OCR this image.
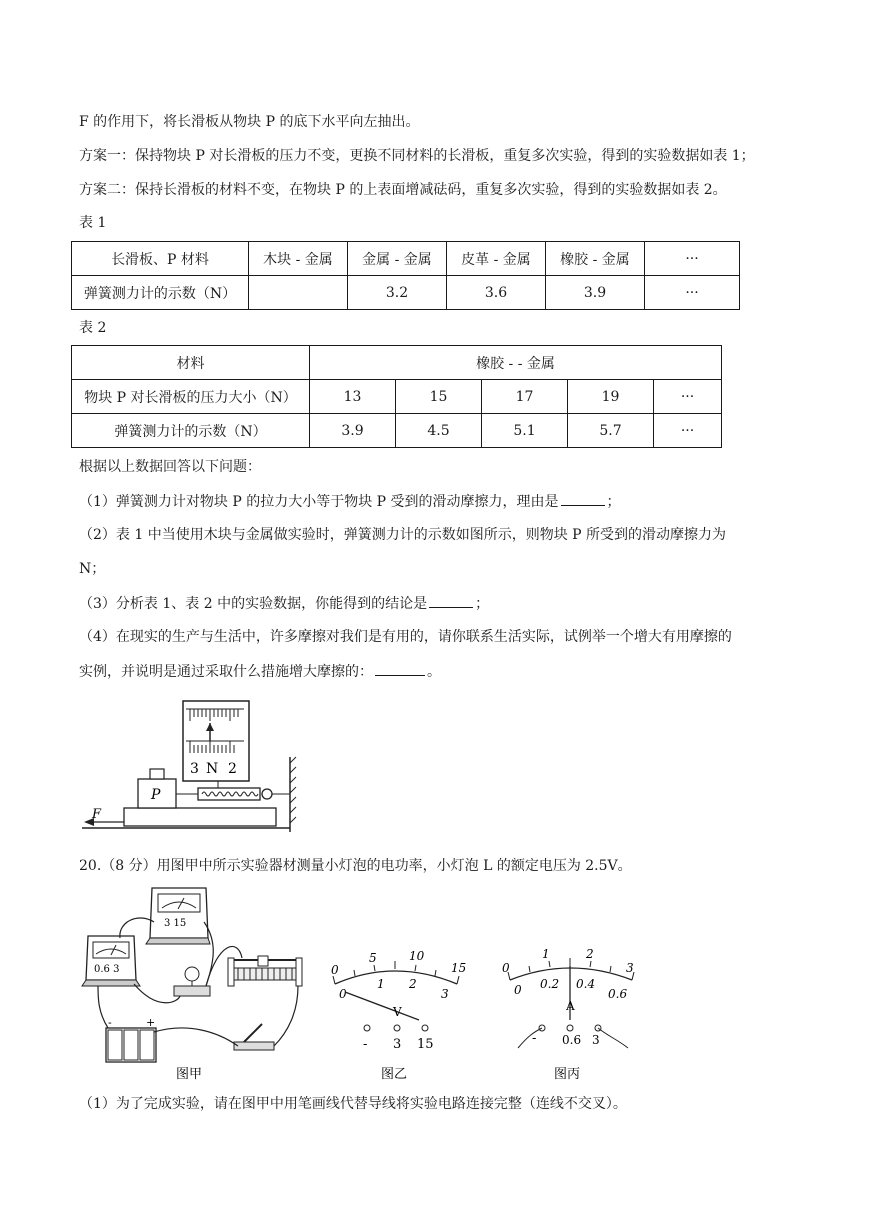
F 的作用下，将长滑板从物块 P 的底下水平向左抽出。
方案一：保持物块 P 对长滑板的压力不变，更换不同材料的长滑板，重复多次实验，得到的实验数据如表 1；
方案二：保持长滑板的材料不变，在物块 P 的上表面增减砝码，重复多次实验，得到的实验数据如表 2。
表 1
长滑板、P 材料	木块 - 金属	金属 - 金属	皮革 - 金属	橡胶 - 金属	···
弹簧测力计的示数（N）		3.2	3.6	3.9	···
表 2
材料	橡胶 - - 金属				
物块 P 对长滑板的压力大小（N）	13	15	17	19	···
弹簧测力计的示数（N）	3.9	4.5	5.1	5.7	···
根据以上数据回答以下问题：
（1）弹簧测力计对物块 P 的拉力大小等于物块 P 受到的滑动摩擦力，理由是	；
（2）表 1 中当使用木块与金属做实验时，弹簧测力计的示数如图所示，则物块 P 所受到的滑动摩擦力为
N；
（3）分析表 1、表 2 中的实验数据，你能得到的结论是	；
（4）在现实的生产与生活中，许多摩擦对我们是有用的，请你联系生活实际，试例举一个增大有用摩擦的
实例，并说明是通过采取什么措施增大摩擦的：	。
3 N 2
P
F
20.（8 分）用图甲中所示实验器材测量小灯泡的电功率，小灯泡 L 的额定电压为 2.5V。
3 15
0.6 3
-	+
图甲
0
5	10
15
0
1 2
3
V
- 3 15
图乙
0
1	2
3
0 0.2 0.4
0.6
A
- 0.6 3
图丙
（1）为了完成实验，请在图甲中用笔画线代替导线将实验电路连接完整（连线不交叉）。
